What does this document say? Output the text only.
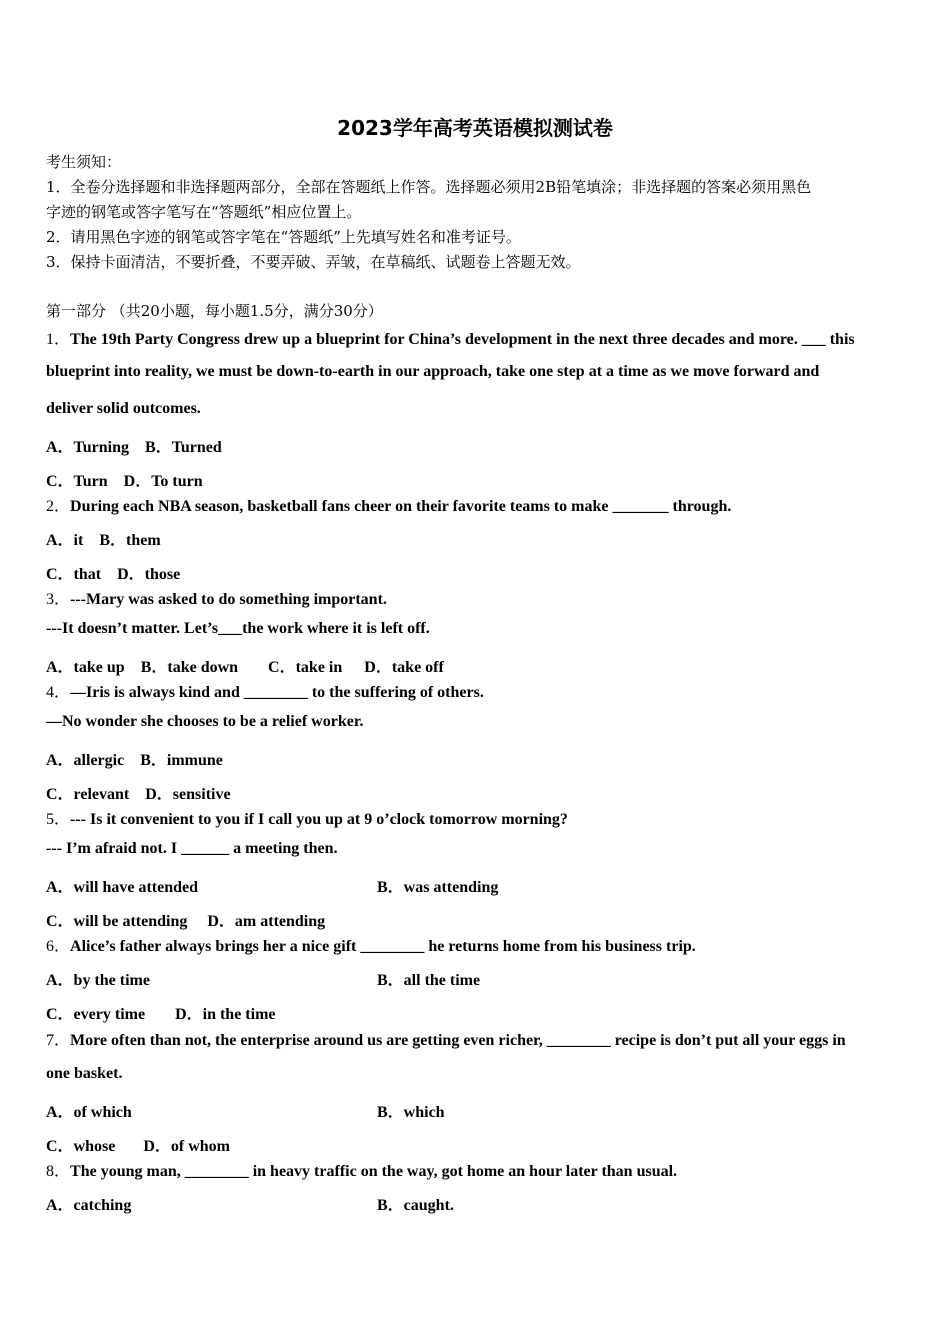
2023学年高考英语模拟测试卷
考生须知：
1．全卷分选择题和非选择题两部分，全部在答题纸上作答。选择题必须用2B铅笔填涂；非选择题的答案必须用黑色
字迹的钢笔或答字笔写在“答题纸”相应位置上。
2．请用黑色字迹的钢笔或答字笔在“答题纸”上先填写姓名和准考证号。
3．保持卡面清洁，不要折叠，不要弄破、弄皱，在草稿纸、试题卷上答题无效。
第一部分 （共20小题，每小题1.5分，满分30分）
1．The 19th Party Congress drew up a blueprint for China’s development in the next three decades and more. ___ this
blueprint into reality, we must be down-to-earth in our approach, take one step at a time as we move forward and
deliver solid outcomes.
A．Turning B．Turned
C．Turn D．To turn
2．During each NBA season, basketball fans cheer on their favorite teams to make _______ through.
A．it B．them
C．that D．those
3．---Mary was asked to do something important.
---It doesn’t matter. Let’s___the work where it is left off.
A．take up B．take down C．take in D．take off
4．—Iris is always kind and ________ to the suffering of others.
—No wonder she chooses to be a relief worker.
A．allergic B．immune
C．relevant D．sensitive
5．--- Is it convenient to you if I call you up at 9 o’clock tomorrow morning?
--- I’m afraid not. I ______ a meeting then.
A．will have attended	B．was attending
C．will be attending D．am attending
6．Alice’s father always brings her a nice gift ________ he returns home from his business trip.
A．by the time	B．all the time
C．every time D．in the time
7．More often than not, the enterprise around us are getting even richer, ________ recipe is don’t put all your eggs in
one basket.
A．of which	B．which
C．whose D．of whom
8．The young man, ________ in heavy traffic on the way, got home an hour later than usual.
A．catching	B．caught.
